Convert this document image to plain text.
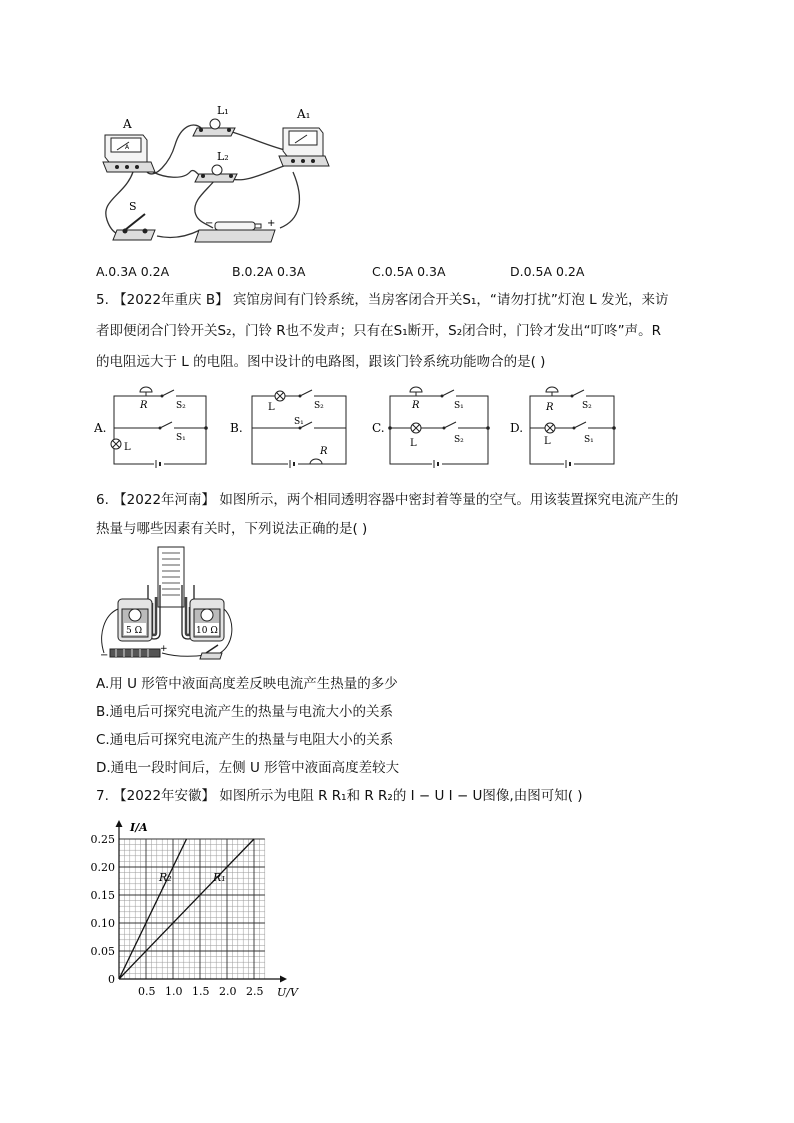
A
A
A₁
L₁
L₂
S
−	+
A.0.3A 0.2A	B.0.2A 0.3A	C.0.5A 0.3A	D.0.5A 0.2A
5. 【2022年重庆 B】 宾馆房间有门铃系统，当房客闭合开关S₁，“请勿打扰”灯泡 L 发光，来访
者即便闭合门铃开关S₂，门铃 R也不发声；只有在S₁断开，S₂闭合时，门铃才发出“叮咚”声。R
的电阻远大于 L 的电阻。图中设计的电路图，跟该门铃系统功能吻合的是( )
A.
R	S₂
S₁
L
B.
L	S₂
S₁
R
C.
R	S₁
L	S₂
D.
R	S₂
L	S₁
6. 【2022年河南】 如图所示，两个相同透明容器中密封着等量的空气。用该装置探究电流产生的
热量与哪些因素有关时，下列说法正确的是( )
5 Ω	10 Ω
−
+
A.用 U 形管中液面高度差反映电流产生热量的多少
B.通电后可探究电流产生的热量与电流大小的关系
C.通电后可探究电流产生的热量与电阻大小的关系
D.通电一段时间后，左侧 U 形管中液面高度差较大
7. 【2022年安徽】 如图所示为电阻 R R₁和 R R₂的 I − U I − U图像,由图可知( )
R₂	R₁
0.5 1.0 1.5 2.0 2.5
0
0.05
0.10
0.15
0.20
0.25
I/A
U/V
